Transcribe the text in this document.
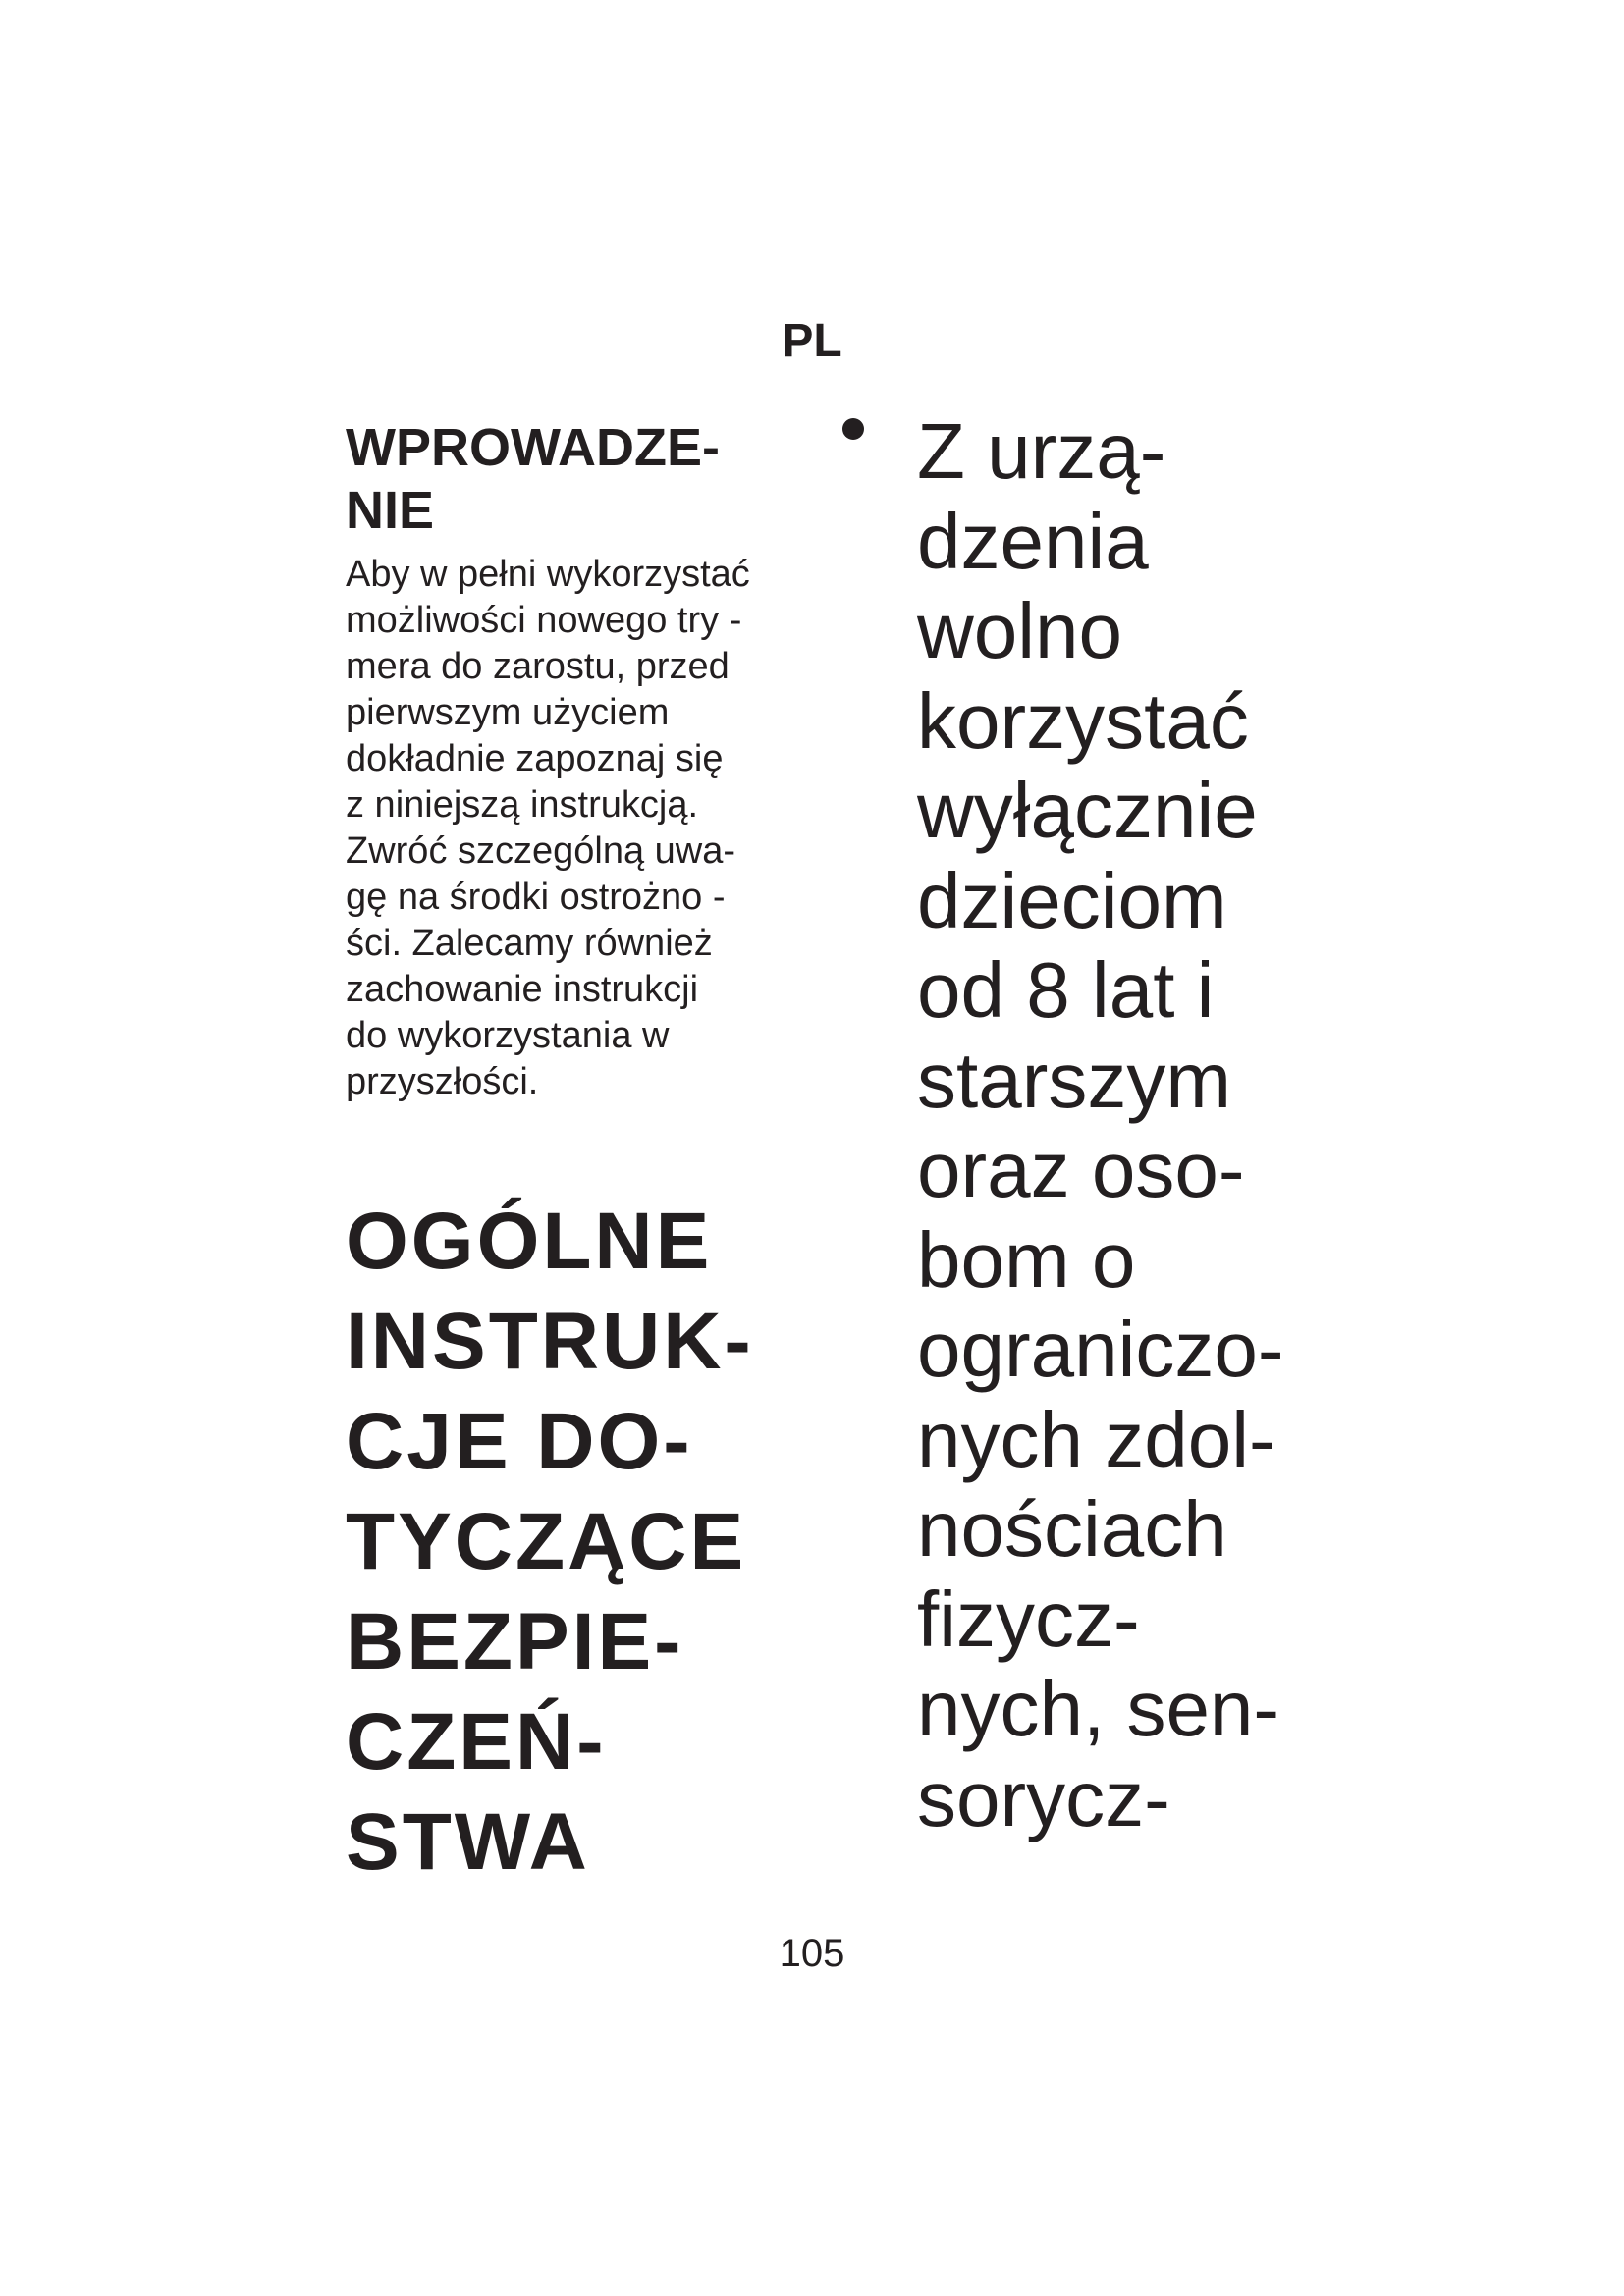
PL
WPROWADZE-
NIE
Aby w pełni wykorzystać
możliwości nowego try -
mera do zarostu, przed
pierwszym użyciem
dokładnie zapoznaj się
z niniejszą instrukcją.
Zwróć szczególną uwa-
gę na środki ostrożno -
ści. Zalecamy również
zachowanie instrukcji
do wykorzystania w
przyszłości.
OGÓLNE
INSTRUK-
CJE DO-
TYCZĄCE
BEZPIE-
CZEŃ-
STWA
Z urzą-
dzenia
wolno
korzystać
wyłącznie
dzieciom
od 8 lat i
starszym
oraz oso-
bom o
ograniczo-
nych zdol-
nościach
fizycz-
nych, sen-
sorycz-
105
